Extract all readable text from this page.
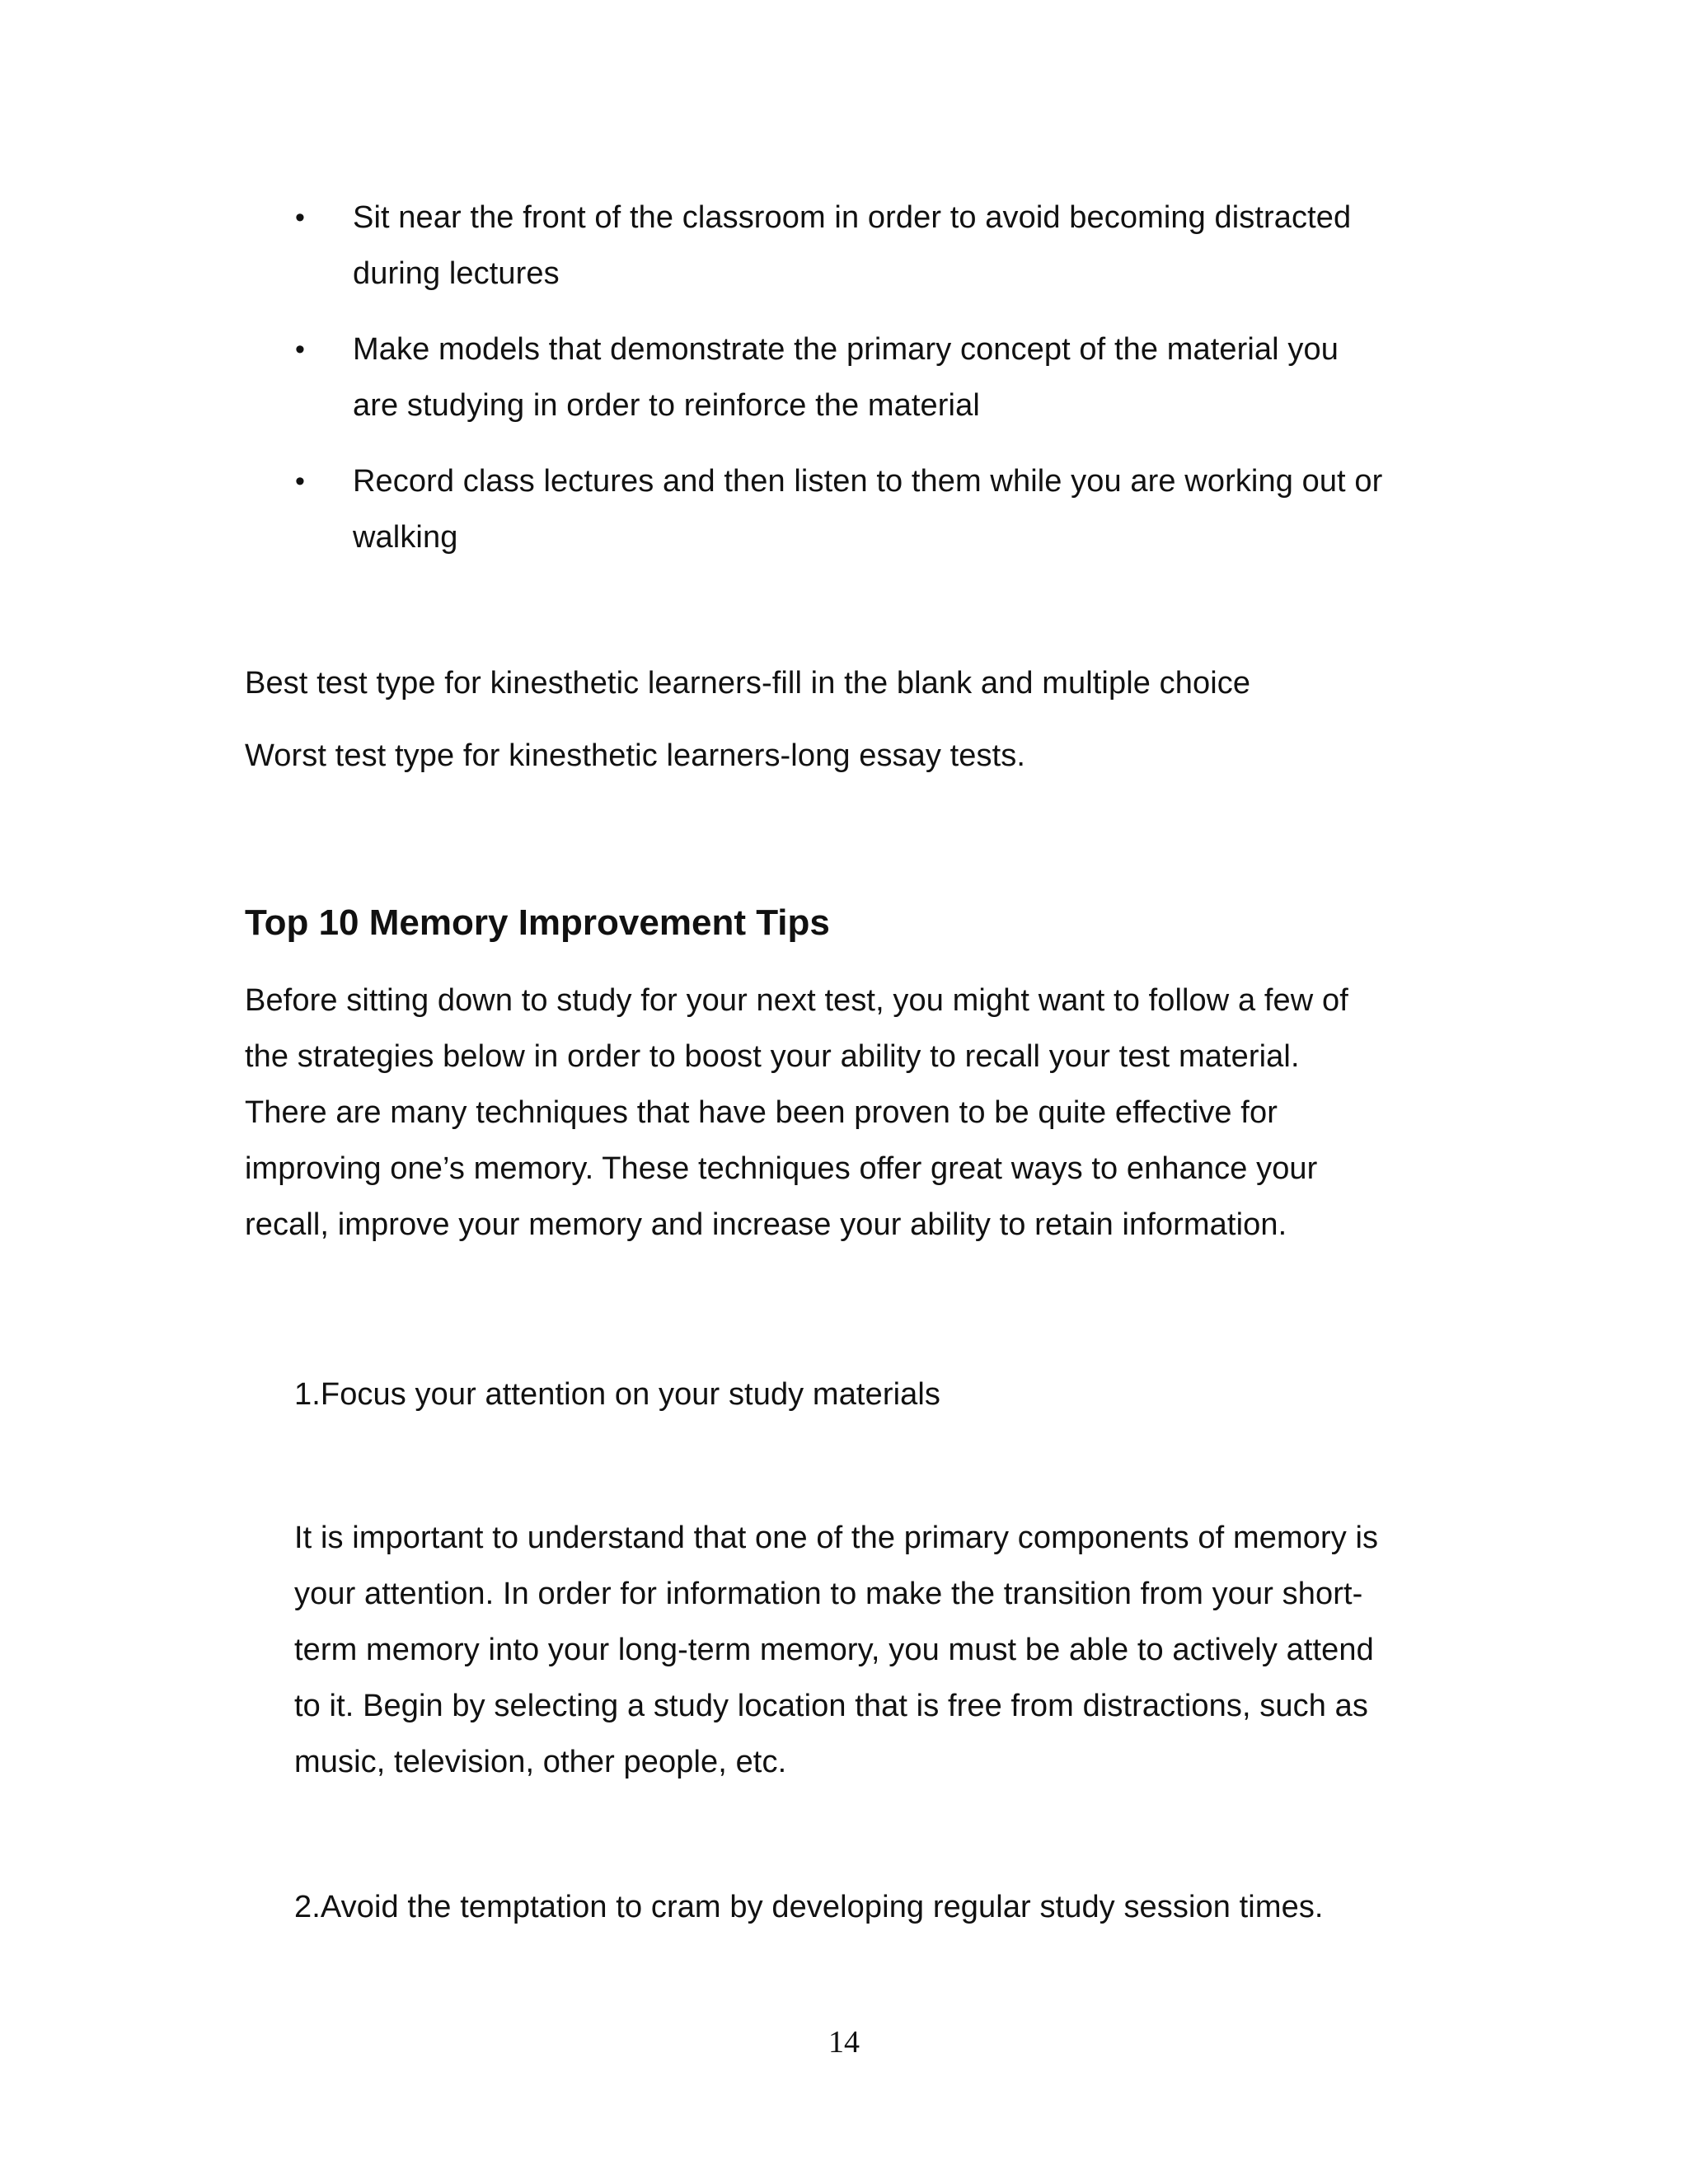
• Sit near the front of the classroom in order to avoid becoming distracted
during lectures
• Make models that demonstrate the primary concept of the material you
are studying in order to reinforce the material
• Record class lectures and then listen to them while you are working out or
walking
Best test type for kinesthetic learners-fill in the blank and multiple choice
Worst test type for kinesthetic learners-long essay tests.
Top 10 Memory Improvement Tips
Before sitting down to study for your next test, you might want to follow a few of
the strategies below in order to boost your ability to recall your test material.
There are many techniques that have been proven to be quite effective for
improving one’s memory. These techniques offer great ways to enhance your
recall, improve your memory and increase your ability to retain information.
1.Focus your attention on your study materials
It is important to understand that one of the primary components of memory is
your attention. In order for information to make the transition from your short-
term memory into your long-term memory, you must be able to actively attend
to it. Begin by selecting a study location that is free from distractions, such as
music, television, other people, etc.
2.Avoid the temptation to cram by developing regular study session times.
14
